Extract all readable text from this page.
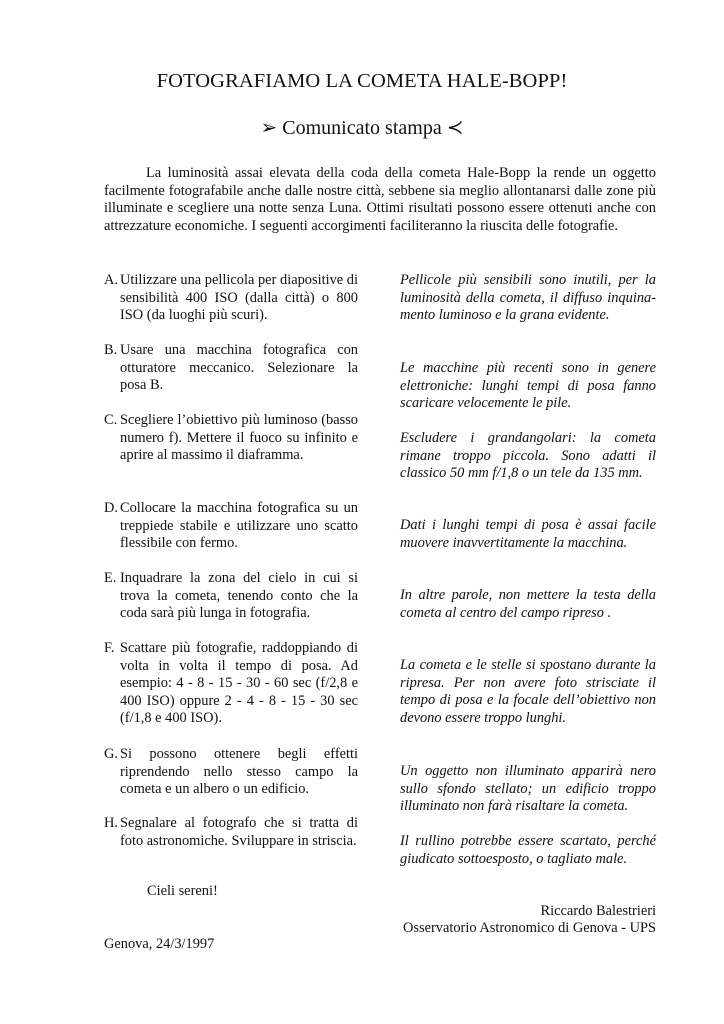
FOTOGRAFIAMO LA COMETA HALE-BOPP!
➢ Comunicato stampa ≺

La luminosità assai elevata della coda della cometa Hale-Bopp la rende un oggetto facilmente fotografabile anche dalle nostre città, sebbene sia meglio allontanarsi dalle zone più illuminate e scegliere una notte senza Luna. Ottimi risultati possono essere ottenuti anche con attrezzature economiche. I seguenti accorgimenti faciliteranno la riuscita delle fotografie.

A. Utilizzare una pellicola per diapositive di sensibilità 400 ISO (dalla città) o 800 ISO (da luoghi più scuri).
B. Usare una macchina fotografica con otturatore meccanico. Selezionare la posa B.
C. Scegliere l’obiettivo più luminoso (basso numero f). Mettere il fuoco su infinito e aprire al massimo il diaframma.
D. Collocare la macchina fotografica su un treppiede stabile e utilizzare uno scatto flessibile con fermo.
E. Inquadrare la zona del cielo in cui si trova la cometa, tenendo conto che la coda sarà più lunga in fotografia.
F. Scattare più fotografie, raddoppiando di volta in volta il tempo di posa. Ad esempio: 4 - 8 - 15 - 30 - 60 sec (f/2,8 e 400 ISO) oppure 2 - 4 - 8 - 15 - 30 sec (f/1,8 e 400 ISO).
G. Si possono ottenere begli effetti riprendendo nello stesso campo la cometa e un albero o un edificio.
H. Segnalare al fotografo che si tratta di foto astronomiche. Sviluppare in striscia.
Pellicole più sensibili sono inutili, per la luminosità della cometa, il diffuso inquina-mento luminoso e la grana evidente.
Le macchine più recenti sono in genere elettroniche: lunghi tempi di posa fanno scaricare velocemente le pile.
Escludere i grandangolari: la cometa rimane troppo piccola. Sono adatti il classico 50 mm f/1,8 o un tele da 135 mm.
Dati i lunghi tempi di posa è assai facile muovere inavvertitamente la macchina.
In altre parole, non mettere la testa della cometa al centro del campo ripreso .
La cometa e le stelle si spostano durante la ripresa. Per non avere foto strisciate il tempo di posa e la focale dell’obiettivo non devono essere troppo lunghi.
Un oggetto non illuminato apparirà nero sullo sfondo stellato; un edificio troppo illuminato non farà risaltare la cometa.
Il rullino potrebbe essere scartato, perché giudicato sottoesposto, o tagliato male.
Cieli sereni!
Riccardo Balestrieri
Osservatorio Astronomico di Genova - UPS
Genova, 24/3/1997
